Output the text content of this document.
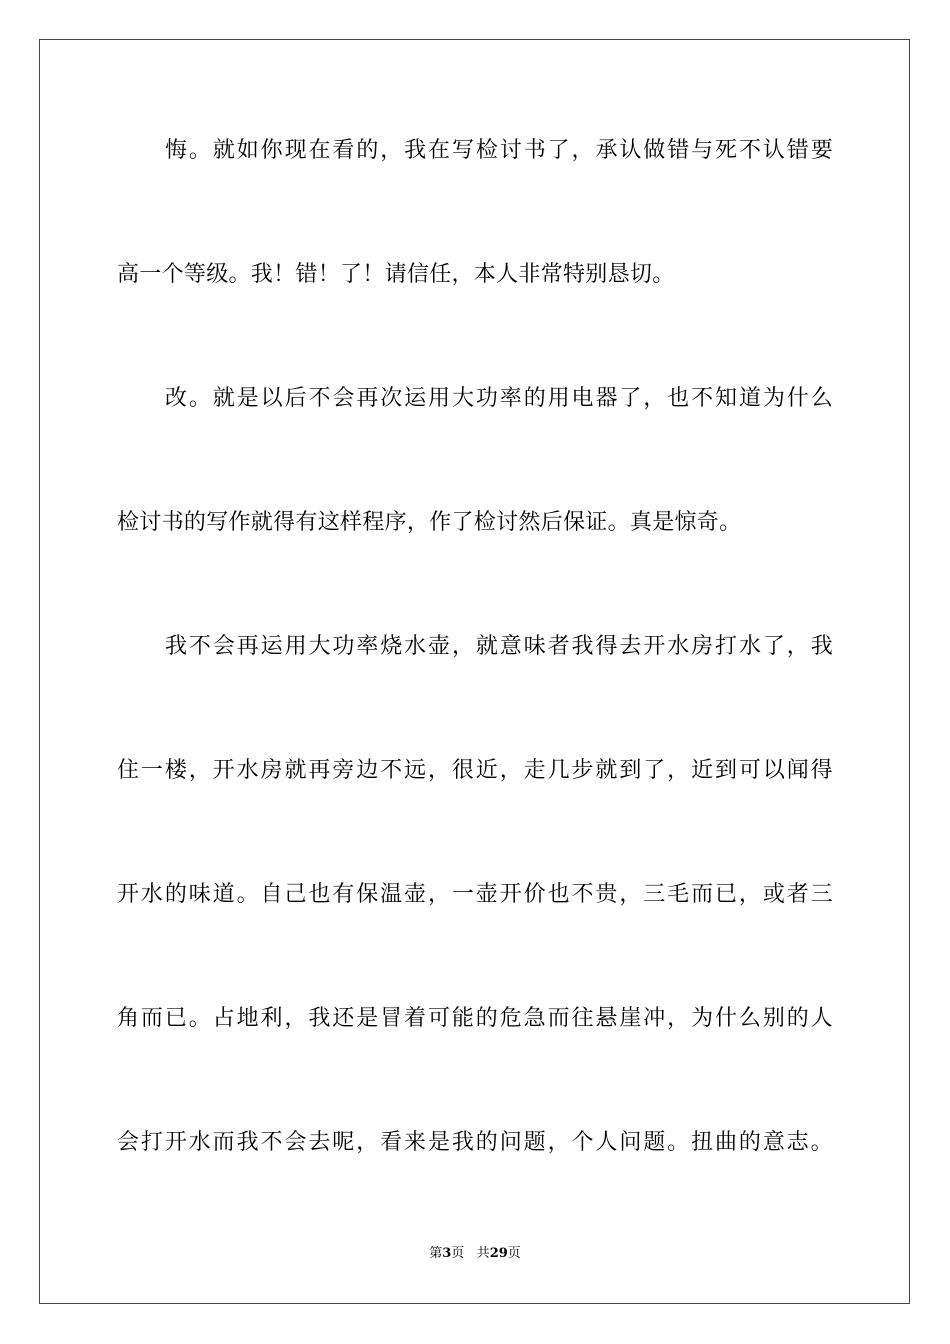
悔。就如你现在看的，我在写检讨书了，承认做错与死不认错要
高一个等级。我！错！了！请信任，本人非常特别恳切。
改。就是以后不会再次运用大功率的用电器了，也不知道为什么
检讨书的写作就得有这样程序，作了检讨然后保证。真是惊奇。
我不会再运用大功率烧水壶，就意味者我得去开水房打水了，我
住一楼，开水房就再旁边不远，很近，走几步就到了，近到可以闻得
开水的味道。自己也有保温壶，一壶开价也不贵，三毛而已，或者三
角而已。占地利，我还是冒着可能的危急而往悬崖冲，为什么别的人
会打开水而我不会去呢，看来是我的问题，个人问题。扭曲的意志。
第3页 共29页
